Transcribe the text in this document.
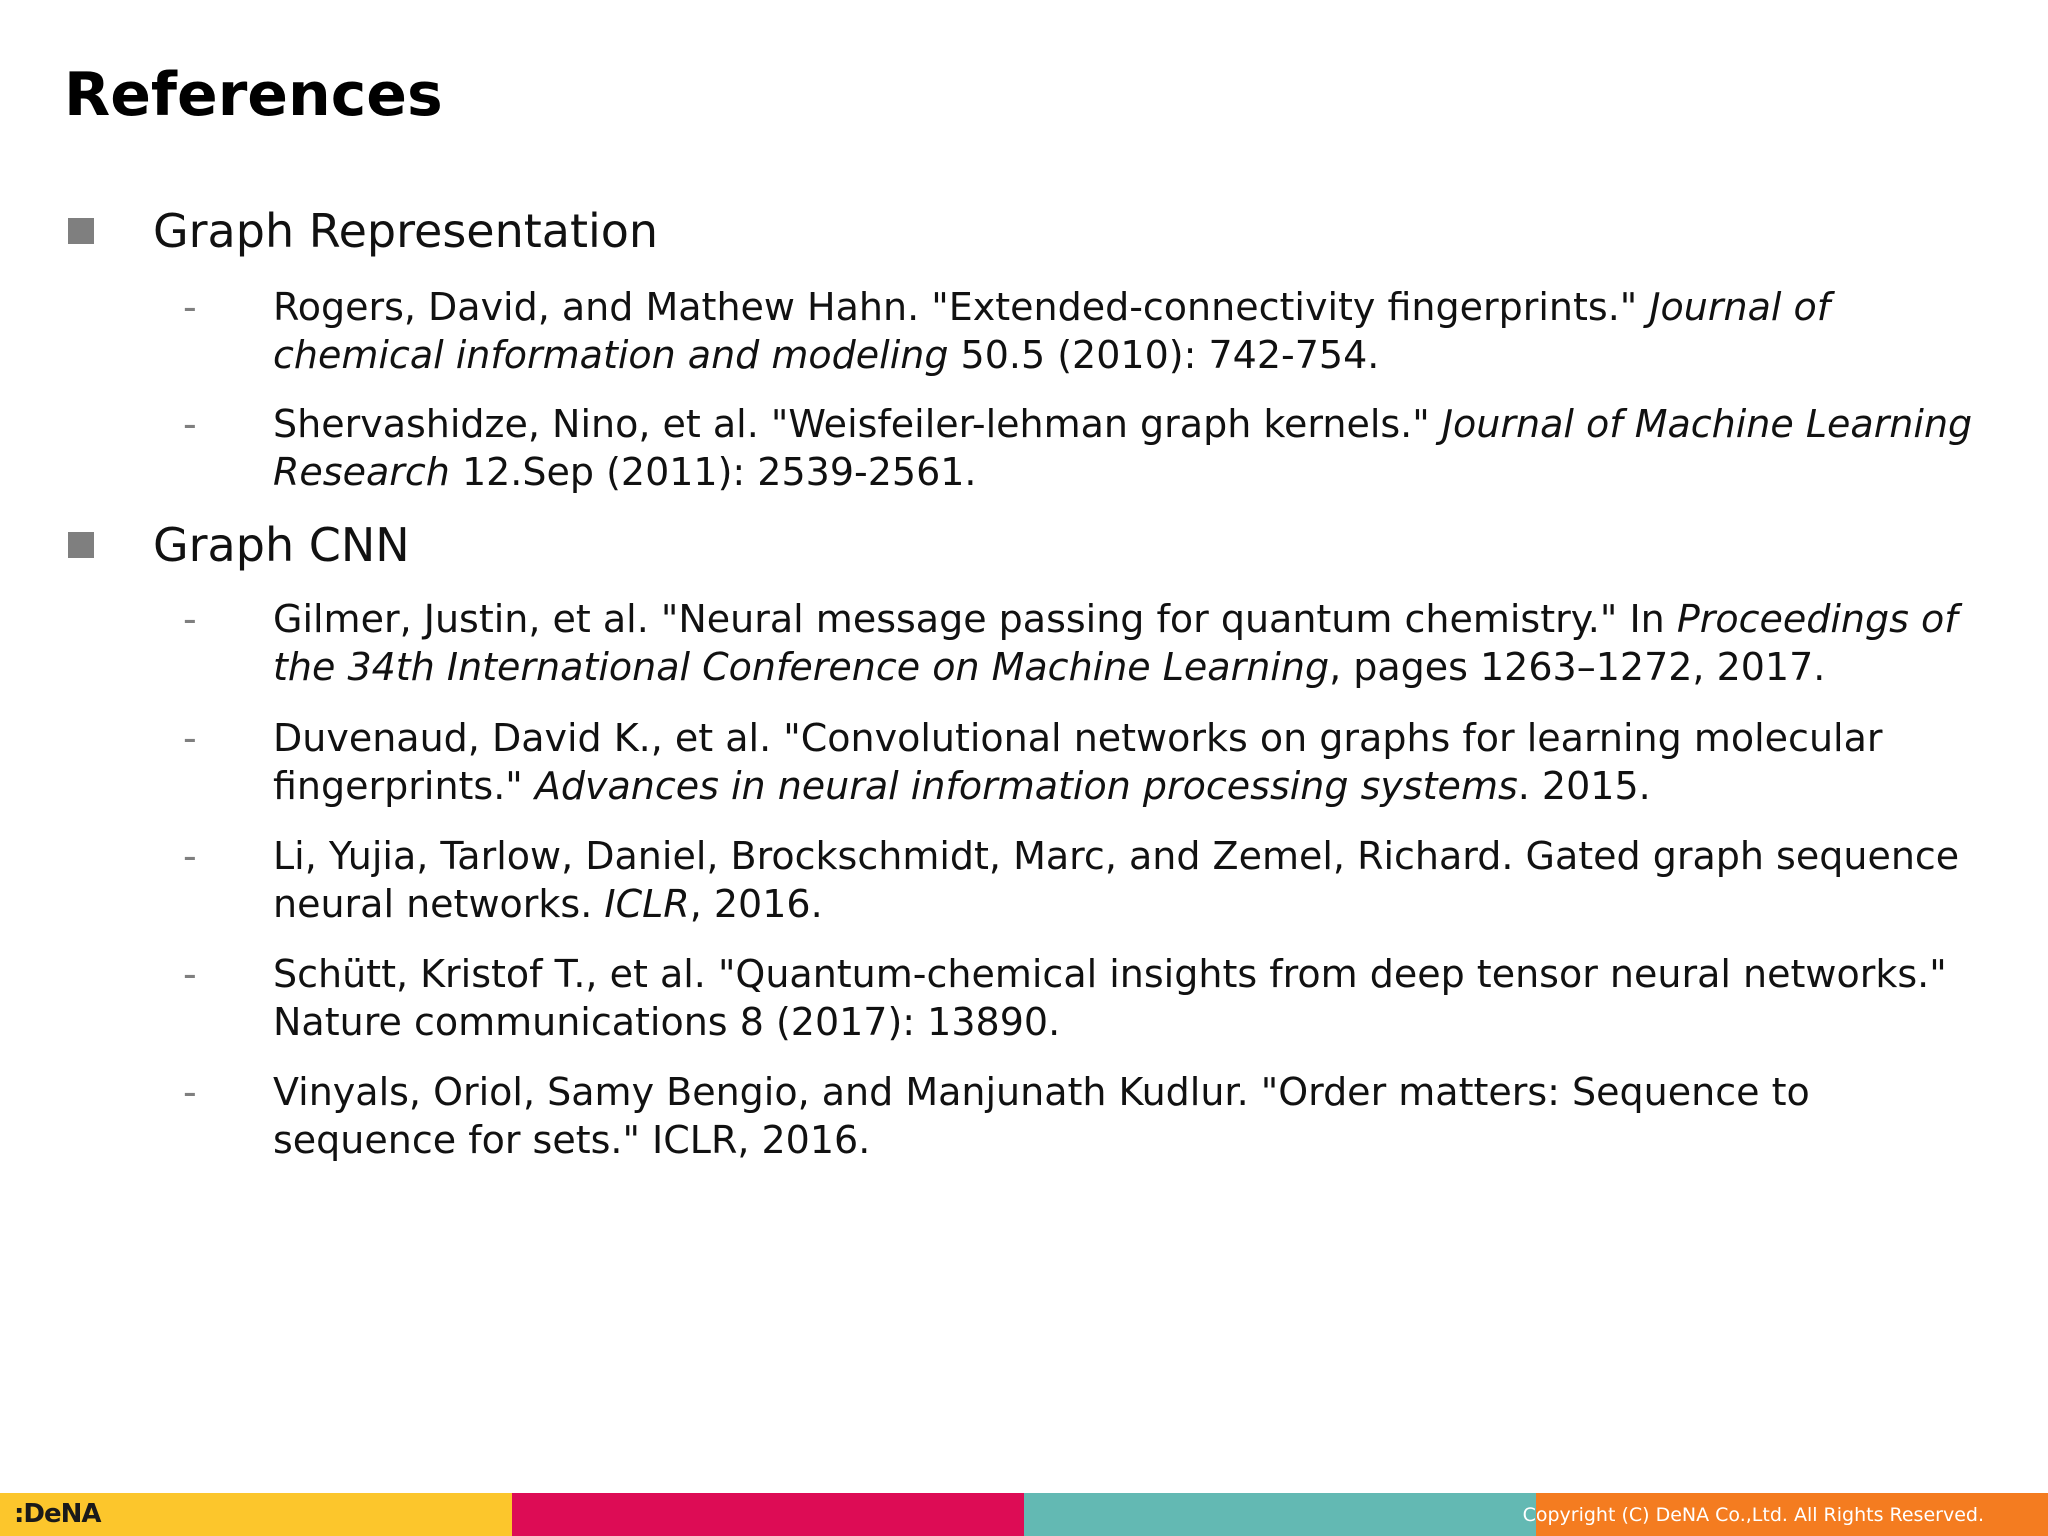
References
Graph Representation
- Rogers, David, and Mathew Hahn. "Extended-connectivity fingerprints." Journal of chemical information and modeling 50.5 (2010): 742-754.
- Shervashidze, Nino, et al. "Weisfeiler-lehman graph kernels." Journal of Machine Learning Research 12.Sep (2011): 2539-2561.
Graph CNN
- Gilmer, Justin, et al. "Neural message passing for quantum chemistry." In Proceedings of the 34th International Conference on Machine Learning, pages 1263–1272, 2017.
- Duvenaud, David K., et al. "Convolutional networks on graphs for learning molecular fingerprints." Advances in neural information processing systems. 2015.
- Li, Yujia, Tarlow, Daniel, Brockschmidt, Marc, and Zemel, Richard. Gated graph sequence neural networks. ICLR, 2016.
- Schütt, Kristof T., et al. "Quantum-chemical insights from deep tensor neural networks." Nature communications 8 (2017): 13890.
- Vinyals, Oriol, Samy Bengio, and Manjunath Kudlur. "Order matters: Sequence to sequence for sets." ICLR, 2016.
:DeNA	Copyright (C) DeNA Co.,Ltd. All Rights Reserved.
